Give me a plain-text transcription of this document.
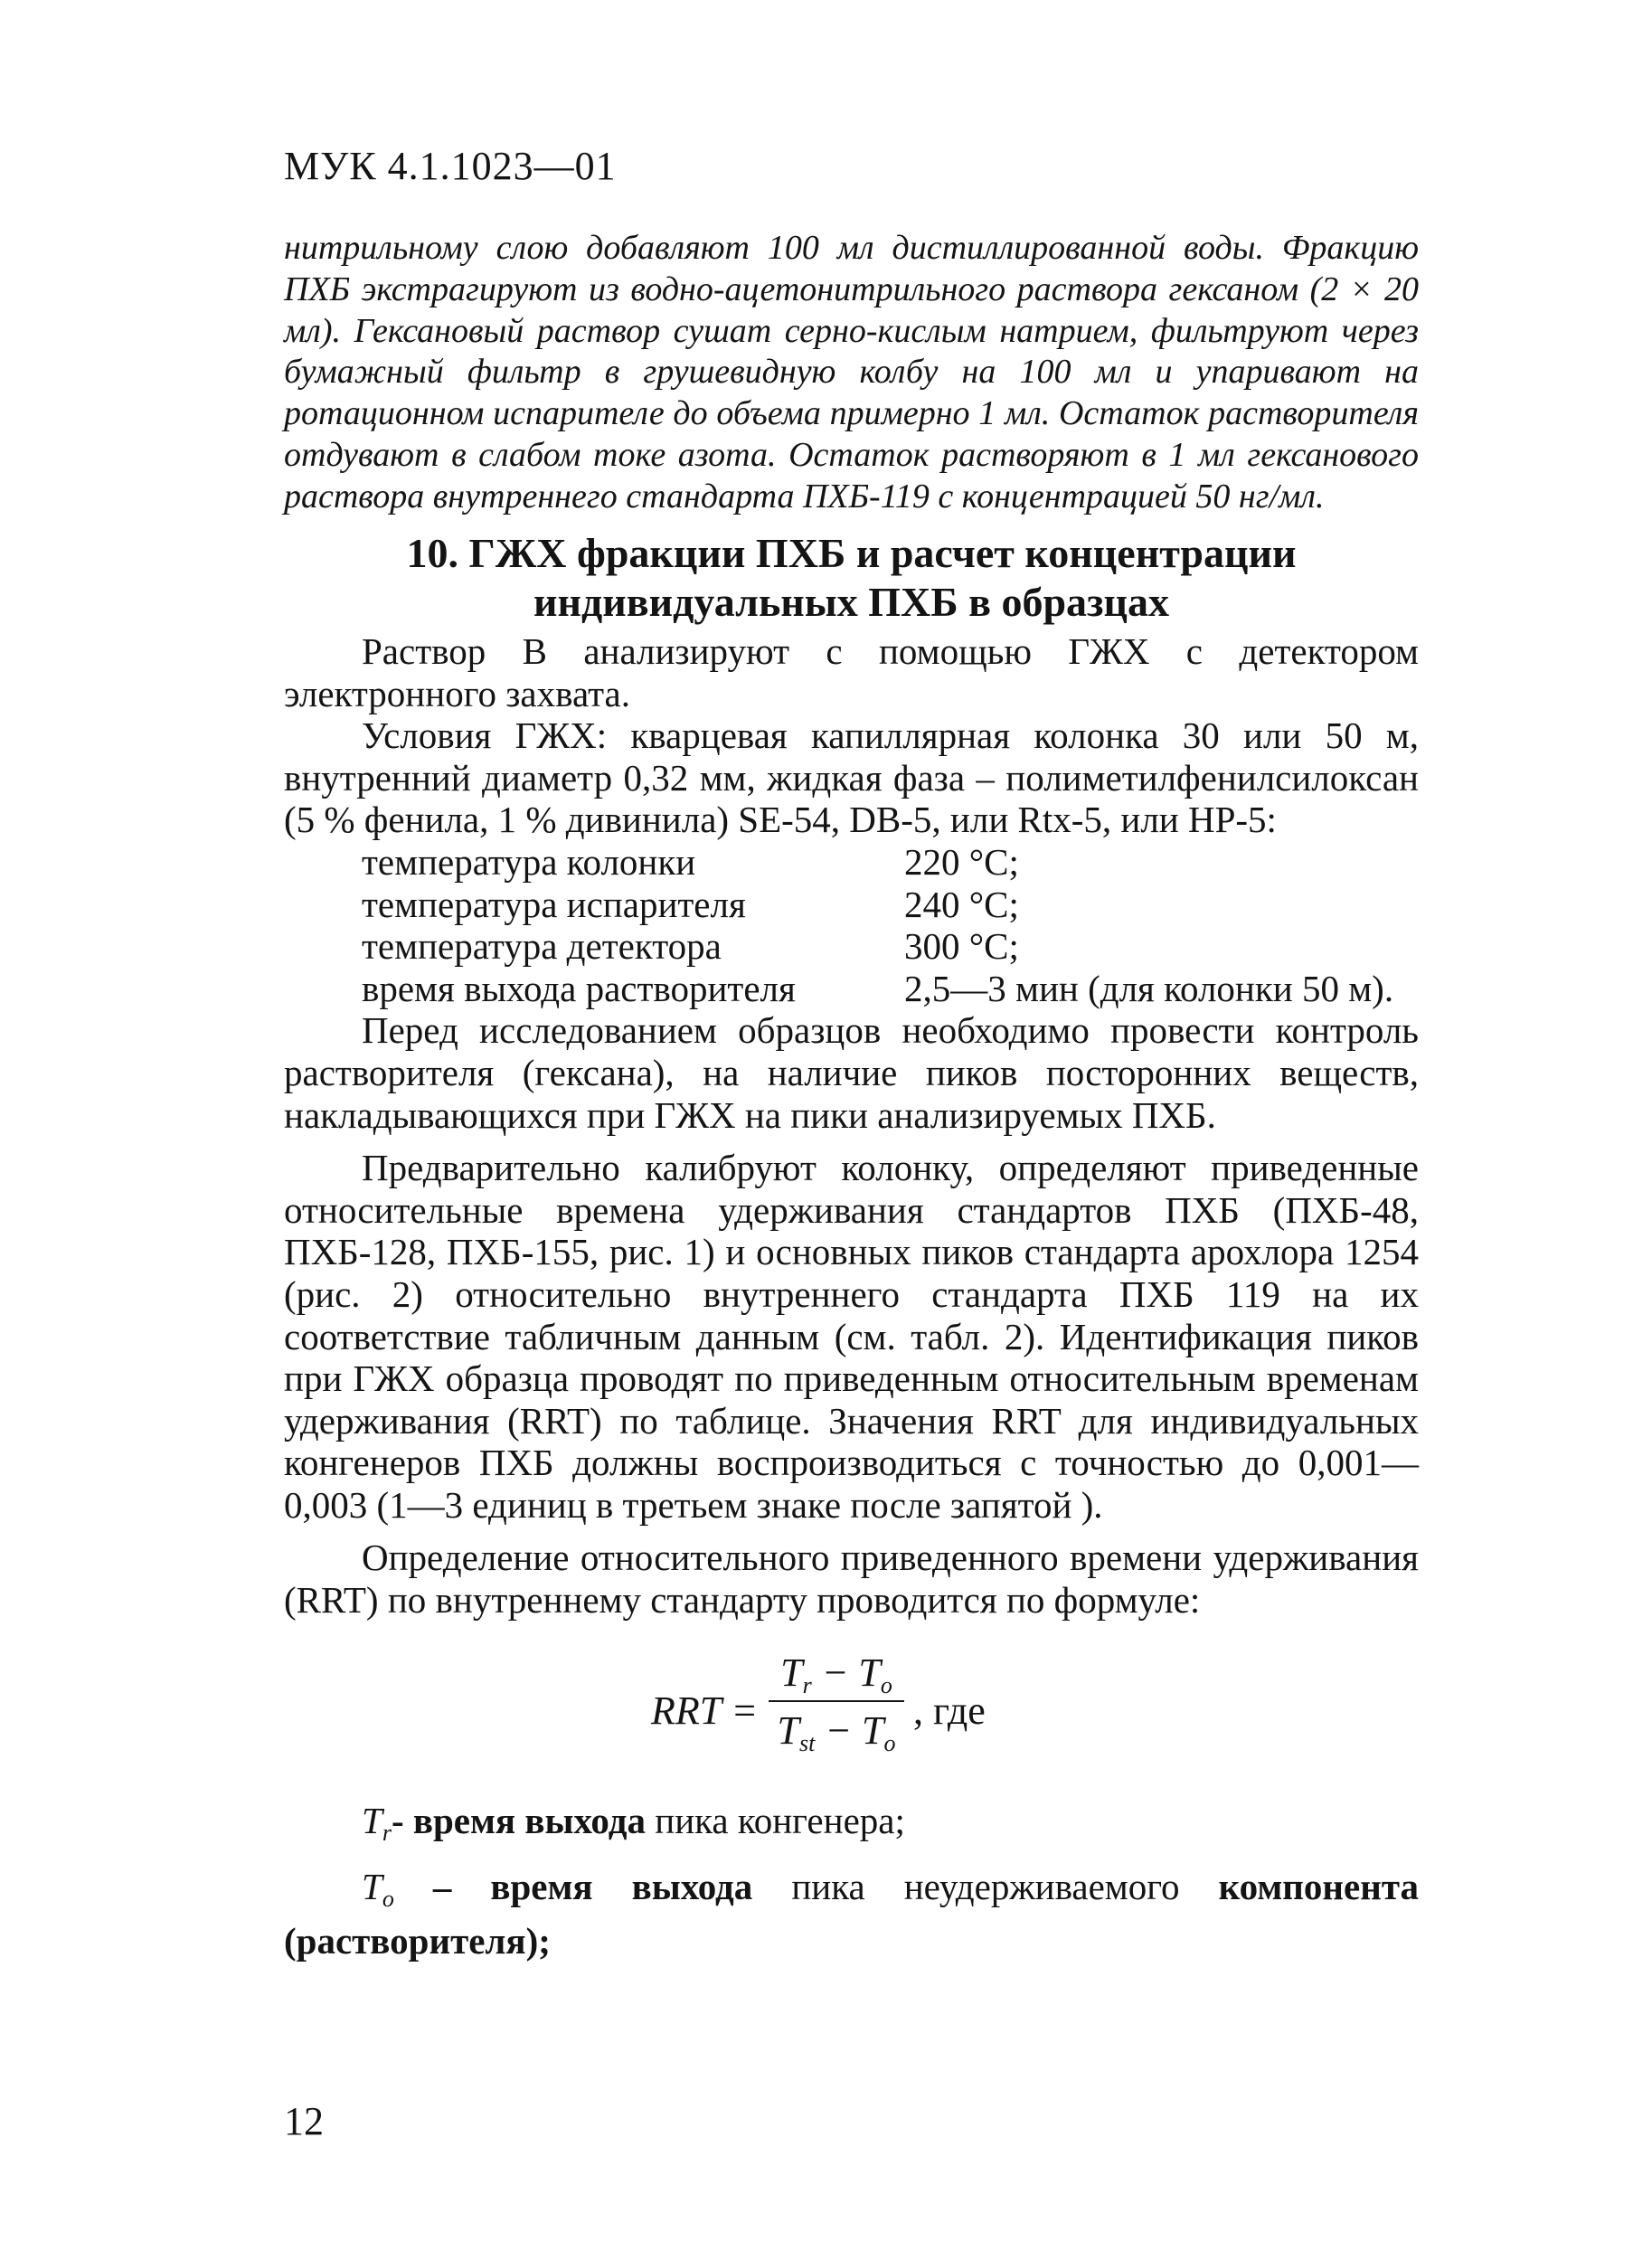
МУК 4.1.1023—01
нитрильному слою добавляют 100 мл дистиллированной воды. Фракцию ПХБ экстрагируют из водно-ацетонитрильного раствора гексаном (2 × 20 мл). Гексановый раствор сушат серно-кислым натрием, фильтруют через бумажный фильтр в грушевидную колбу на 100 мл и упаривают на ротационном испарителе до объема примерно 1 мл. Остаток растворителя отдувают в слабом токе азота. Остаток растворяют в 1 мл гексанового раствора внутреннего стандарта ПХБ-119 с концентрацией 50 нг/мл.
10. ГЖХ фракции ПХБ и расчет концентрации
индивидуальных ПХБ в образцах

Раствор В анализируют с помощью ГЖХ с детектором электронного захвата.

Условия ГЖХ: кварцевая капиллярная колонка 30 или 50 м, внутренний диаметр 0,32 мм, жидкая фаза – полиметилфенилсилоксан (5 % фенила, 1 % дивинила) SE-54, DB-5, или Rtx-5, или HP-5:

температура колонки	220 °С;
температура испарителя	240 °С;
температура детектора	300 °С;
время выхода растворителя	2,5—3 мин (для колонки 50 м).

Перед исследованием образцов необходимо провести контроль растворителя (гексана), на наличие пиков посторонних веществ, накладывающихся при ГЖХ на пики анализируемых ПХБ.

Предварительно калибруют колонку, определяют приведенные относительные времена удерживания стандартов ПХБ (ПХБ-48, ПХБ-128, ПХБ-155, рис. 1) и основных пиков стандарта арохлора 1254 (рис. 2) относительно внутреннего стандарта ПХБ 119 на их соответствие табличным данным (см. табл. 2). Идентификация пиков при ГЖХ образца проводят по приведенным относительным временам удерживания (RRT) по таблице. Значения RRT для индивидуальных конгенеров ПХБ должны воспроизводиться с точностью до 0,001—0,003 (1—3 единиц в третьем знаке после запятой ).

Определение относительного приведенного времени удерживания (RRT) по внутреннему стандарту проводится по формуле:

RRT =
$T_r - T_o$
$T_{st} - T_o$
, где

$T_r-$ время выхода пика конгенера;

$T_o$ – время выхода пика неудерживаемого компонента (растворителя);

12
